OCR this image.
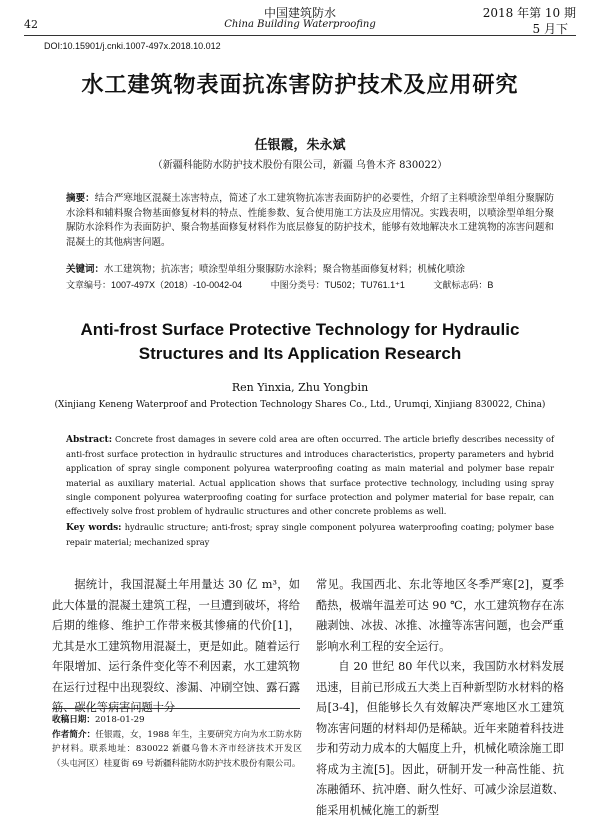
42
中国建筑防水
China Building Waterproofing
2018 年第 10 期
5 月下
DOI:10.15901/j.cnki.1007-497x.2018.10.012
水工建筑物表面抗冻害防护技术及应用研究
任银霞，朱永斌
（新疆科能防水防护技术股份有限公司，新疆 乌鲁木齐 830022）
摘要：结合严寒地区混凝土冻害特点，简述了水工建筑物抗冻害表面防护的必要性，介绍了主料喷涂型单组分聚脲防水涂料和辅料聚合物基面修复材料的特点、性能参数、复合使用施工方法及应用情况。实践表明，以喷涂型单组分聚脲防水涂料作为表面防护、聚合物基面修复材料作为底层修复的防护技术，能够有效地解决水工建筑物的冻害问题和混凝土的其他病害问题。
关键词：水工建筑物；抗冻害；喷涂型单组分聚脲防水涂料；聚合物基面修复材料；机械化喷涂
文章编号：1007-497X（2018）-10-0042-04	中图分类号：TU502；TU761.1⁺1	文献标志码：B
Anti-frost Surface Protective Technology for Hydraulic Structures and Its Application Research
Ren Yinxia, Zhu Yongbin
(Xinjiang Keneng Waterproof and Protection Technology Shares Co., Ltd., Urumqi, Xinjiang 830022, China)
Abstract: Concrete frost damages in severe cold area are often occurred. The article briefly describes necessity of anti-frost surface protection in hydraulic structures and introduces characteristics, property parameters and hybrid application of spray single component polyurea waterproofing coating as main material and polymer base repair material as auxiliary material. Actual application shows that surface protective technology, including using spray single component polyurea waterproofing coating for surface protection and polymer material for base repair, can effectively solve frost problem of hydraulic structures and other concrete problems as well.
Key words: hydraulic structure; anti-frost; spray single component polyurea waterproofing coating; polymer base repair material; mechanized spray

据统计，我国混凝土年用量达 30 亿 m³，如此大体量的混凝土建筑工程，一旦遭到破坏，将给后期的维修、维护工作带来极其惨痛的代价[1]，尤其是水工建筑物用混凝土，更是如此。随着运行年限增加、运行条件变化等不利因素，水工建筑物在运行过程中出现裂纹、渗漏、冲刷空蚀、露石露筋、碳化等病害问题十分

常见。我国西北、东北等地区冬季严寒[2]，夏季酷热，极端年温差可达 90 ℃，水工建筑物存在冻融剥蚀、冰拔、冰推、冰撞等冻害问题，也会严重影响水利工程的安全运行。

自 20 世纪 80 年代以来，我国防水材料发展迅速，目前已形成五大类上百种新型防水材料的格局[3-4]，但能够长久有效解决严寒地区水工建筑物冻害问题的材料却仍是稀缺。近年来随着科技进步和劳动力成本的大幅度上升，机械化喷涂施工即将成为主流[5]。因此，研制开发一种高性能、抗冻融循环、抗冲磨、耐久性好、可减少涂层道数、能采用机械化施工的新型

收稿日期：2018-01-29
作者简介：任银霞，女，1988 年生，主要研究方向为水工防水防护材料。联系地址：830022 新疆乌鲁木齐市经济技术开发区（头屯河区）桂夏街 69 号新疆科能防水防护技术股份有限公司。
